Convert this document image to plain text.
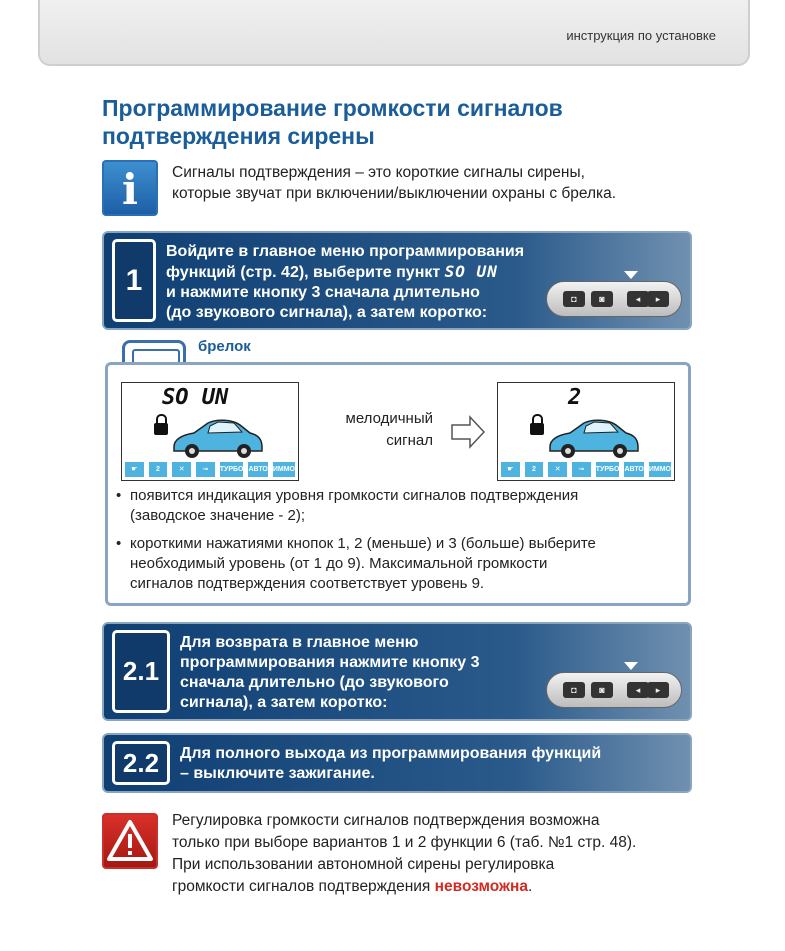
инструкция по установке
Программирование громкости сигналов
подтверждения сирены
i	Сигналы подтверждения – это короткие сигналы сирены,
которые звучат при включении/выключении охраны с брелка.
1
Войдите в главное меню программирования
функций (стр. 42), выберите пункт SO UN
и нажмите кнопку 3 сначала длительно
(до звукового сигнала), а затем коротко:
◘	◙	◂	▸
брелок
SO UN
☛	2	✕	⊸	ТУРБО АВТО ИММО
мелодичный
сигнал
2
☛	2	✕	⊸	ТУРБО АВТО ИММО
• появится индикация уровня громкости сигналов подтверждения
(заводское значение - 2);
• короткими нажатиями кнопок 1, 2 (меньше) и 3 (больше) выберите
необходимый уровень (от 1 до 9). Максимальной громкости
сигналов подтверждения соответствует уровень 9.
2.1
Для возврата в главное меню
программирования нажмите кнопку 3
сначала длительно (до звукового
сигнала), а затем коротко:
◘	◙	◂	▸
2.2	Для полного выхода из программирования функций
– выключите зажигание.
Регулировка громкости сигналов подтверждения возможна
только при выборе вариантов 1 и 2 функции 6 (таб. №1 стр. 48).
При использовании автономной сирены регулировка
громкости сигналов подтверждения невозможна.
